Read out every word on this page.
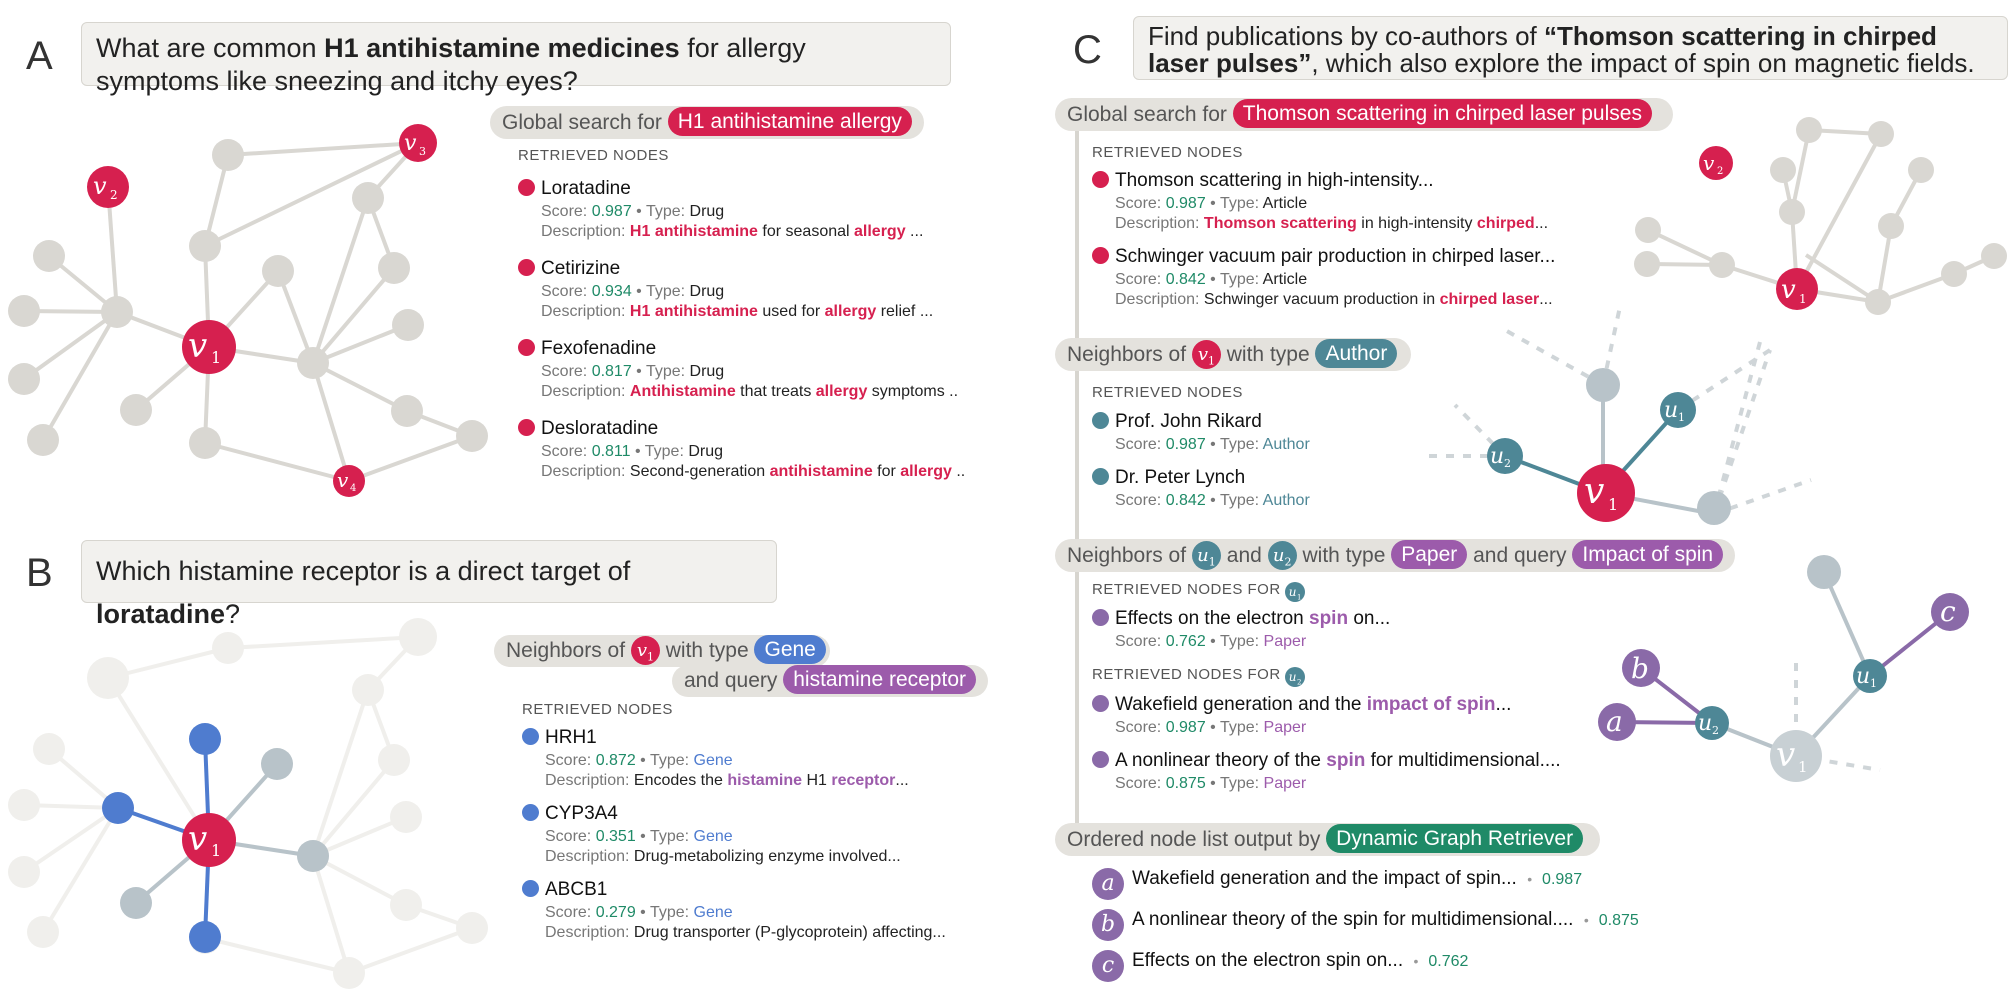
A	What are common H1 antihistamine medicines for allergy symptoms like sneezing and itchy eyes?
v 1
v 2
v 3
v 4
Global search for H1 antihistamine allergy
RETRIEVED NODES
Loratadine
Score: 0.987 • Type: Drug
Description: H1 antihistamine for seasonal allergy ...
Cetirizine
Score: 0.934 • Type: Drug
Description: H1 antihistamine used for allergy relief ...
Fexofenadine
Score: 0.817 • Type: Drug
Description: Antihistamine that treats allergy symptoms ..
Desloratadine
Score: 0.811 • Type: Drug
Description: Second-generation antihistamine for allergy ..
B	Which histamine receptor is a direct target of loratadine?
v 1
Neighbors of $v_1$ with type Gene
and query histamine receptor
RETRIEVED NODES
HRH1
Score: 0.872 • Type: Gene
Description: Encodes the histamine H1 receptor...
CYP3A4
Score: 0.351 • Type: Gene
Description: Drug-metabolizing enzyme involved...
ABCB1
Score: 0.279 • Type: Gene
Description: Drug transporter (P-glycoprotein) affecting...
C	Find publications by co-authors of “Thomson scattering in chirped laser pulses”, which also explore the impact of spin on magnetic fields.
v 1
v 2
u 2
u 1
v 1
v 1
u 2
u 1
b
a
c
Global search for Thomson scattering in chirped laser pulses
RETRIEVED NODES
Thomson scattering in high-intensity...
Score: 0.987 • Type: Article
Description: Thomson scattering in high-intensity chirped...
Schwinger vacuum pair production in chirped laser...
Score: 0.842 • Type: Article
Description: Schwinger vacuum production in chirped laser...
Neighbors of $v_1$ with type Author
RETRIEVED NODES
Prof. John Rikard
Score: 0.987 • Type: Author
Dr. Peter Lynch
Score: 0.842 • Type: Author
Neighbors of $u_1$ and $u_2$ with type Paper and query Impact of spin
RETRIEVED NODES FOR $u_1$
Effects on the electron spin on...
Score: 0.762 • Type: Paper
RETRIEVED NODES FOR $u_2$
Wakefield generation and the impact of spin...
Score: 0.987 • Type: Paper
A nonlinear theory of the spin for multidimensional....
Score: 0.875 • Type: Paper
Ordered node list output by Dynamic Graph Retriever
a Wakefield generation and the impact of spin... • 0.987
b A nonlinear theory of the spin for multidimensional.... • 0.875
c Effects on the electron spin on... • 0.762
